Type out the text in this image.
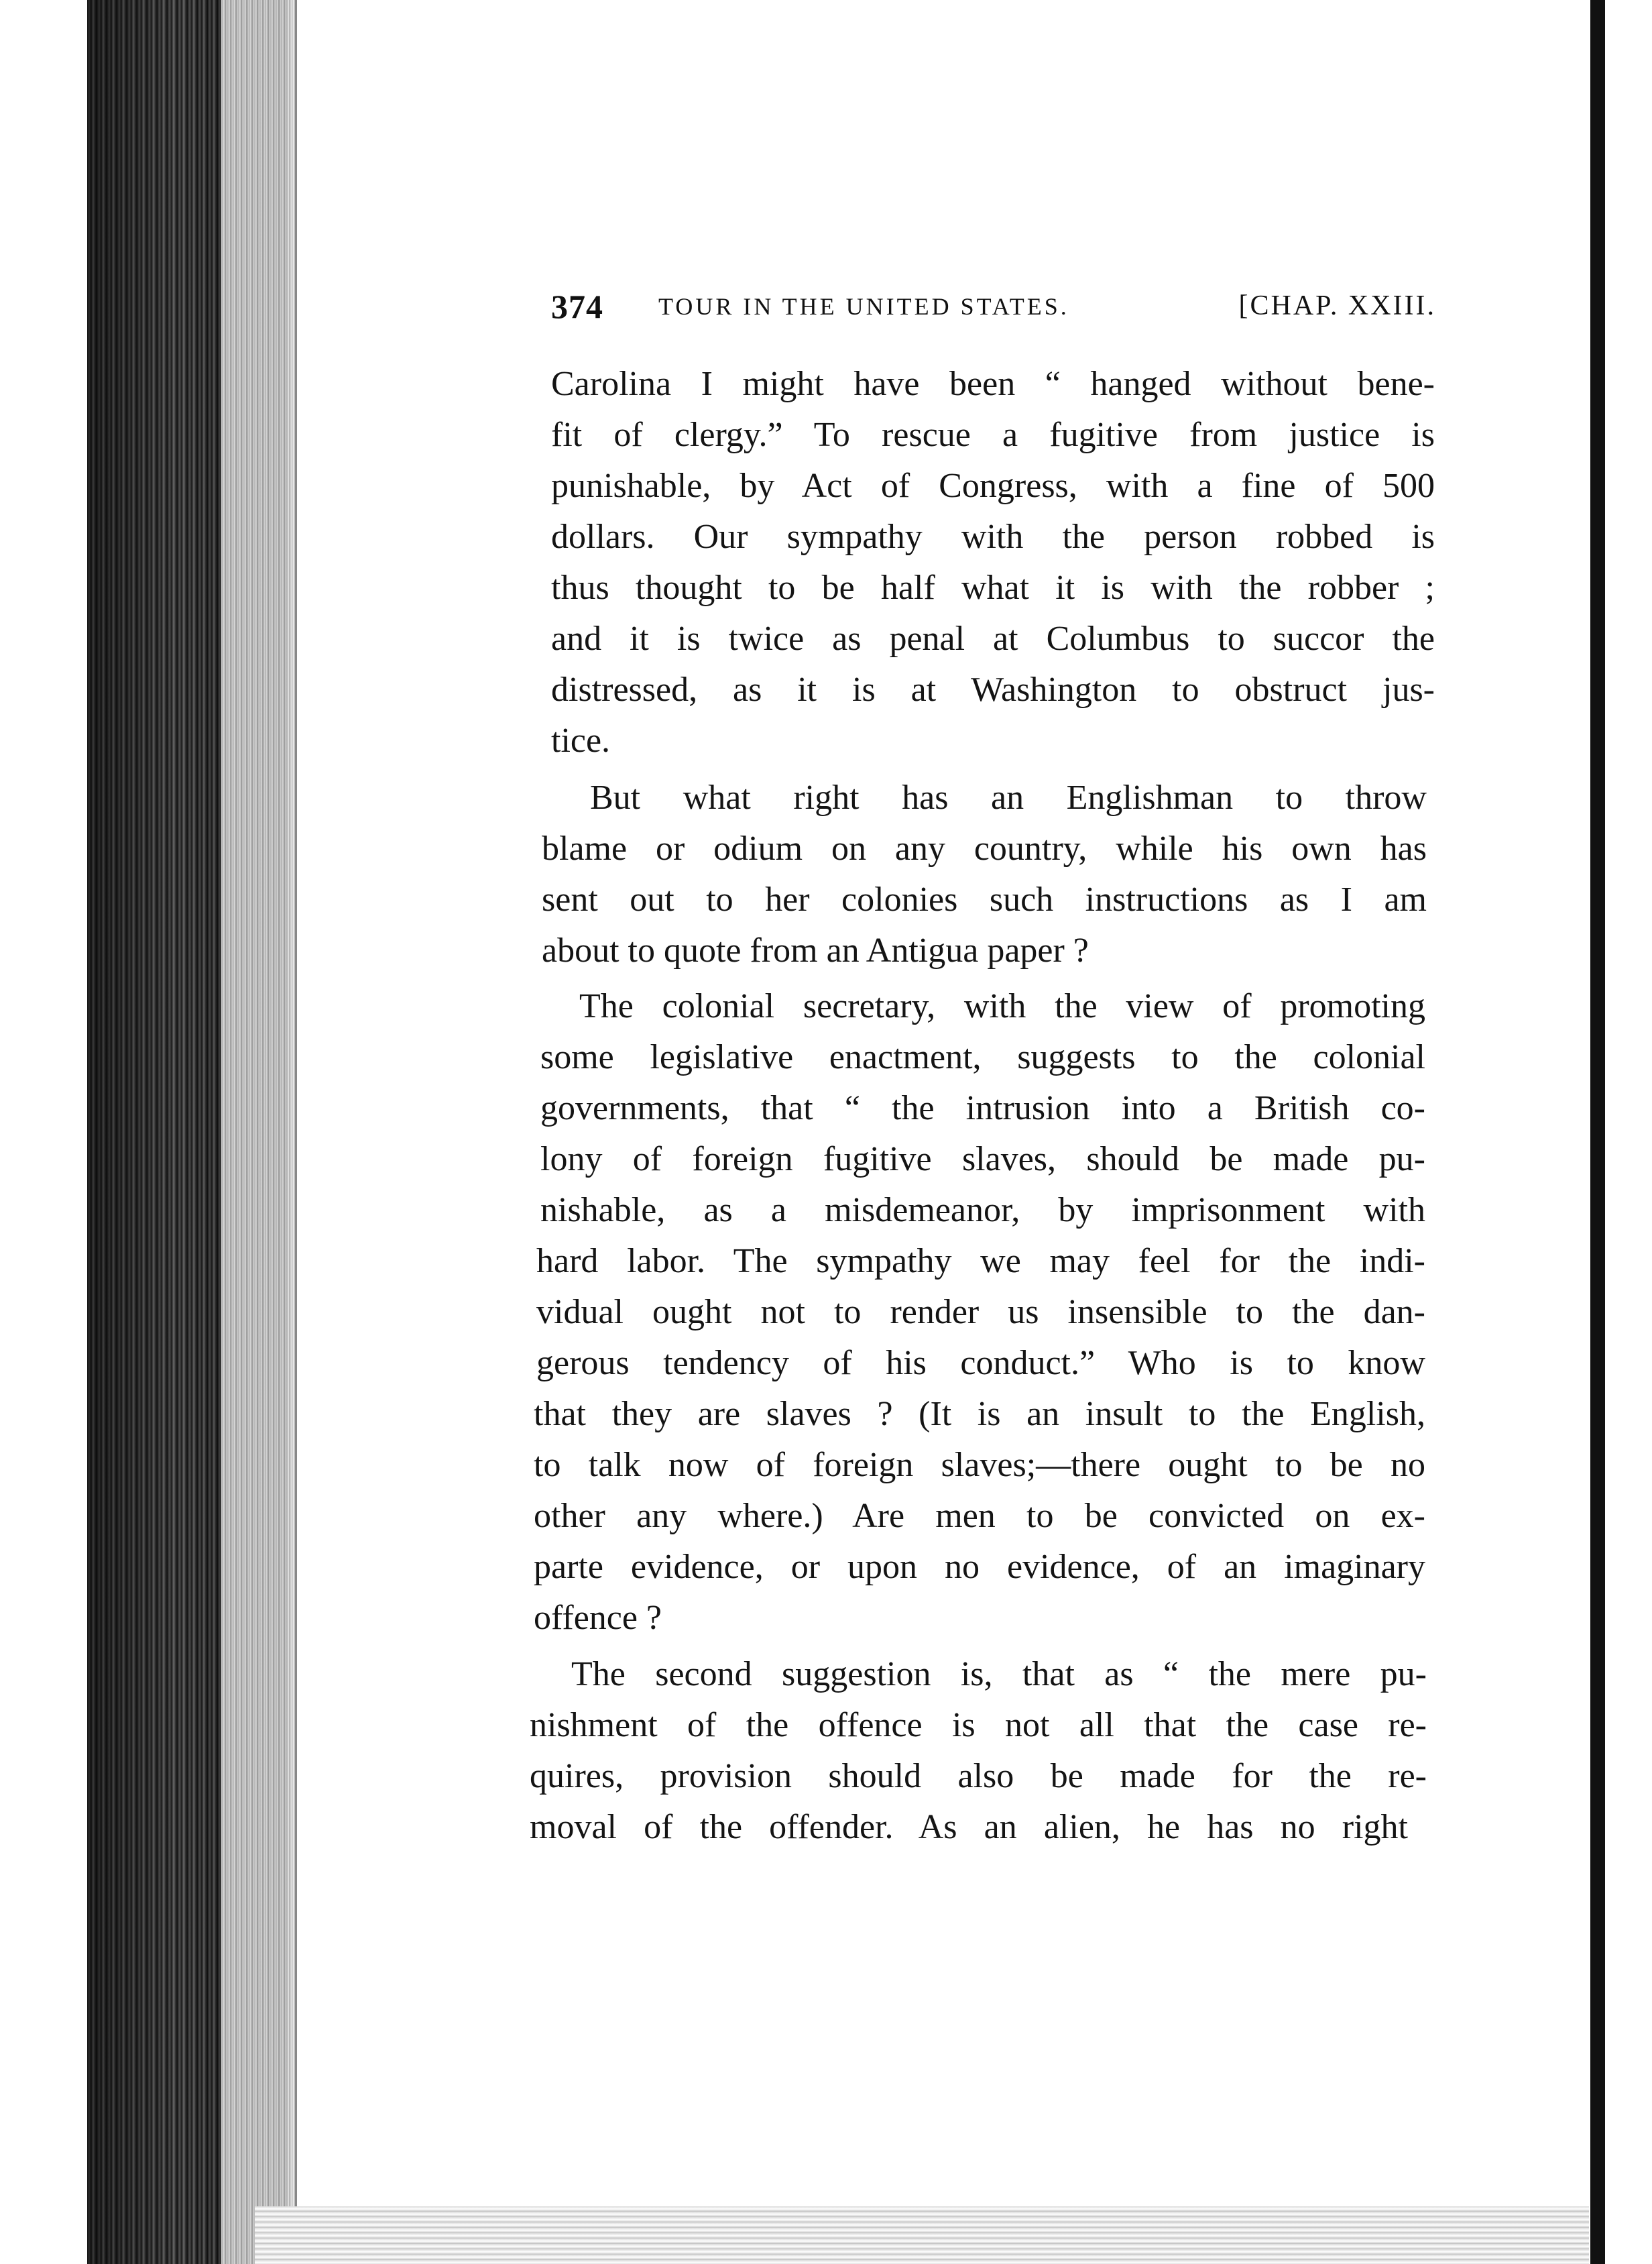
374 TOUR IN THE UNITED STATES.	[CHAP. XXIII.
Carolina I might have been “ hanged without bene-
fit of clergy.” To rescue a fugitive from justice is
punishable, by Act of Congress, with a fine of 500
dollars. Our sympathy with the person robbed is
thus thought to be half what it is with the robber ;
and it is twice as penal at Columbus to succor the
distressed, as it is at Washington to obstruct jus-
tice.
But what right has an Englishman to throw
blame or odium on any country, while his own has
sent out to her colonies such instructions as I am
about to quote from an Antigua paper ?
The colonial secretary, with the view of promoting
some legislative enactment, suggests to the colonial
governments, that “ the intrusion into a British co-
lony of foreign fugitive slaves, should be made pu-
nishable, as a misdemeanor, by imprisonment with
hard labor. The sympathy we may feel for the indi-
vidual ought not to render us insensible to the dan-
gerous tendency of his conduct.” Who is to know
that they are slaves ? (It is an insult to the English,
to talk now of foreign slaves;—there ought to be no
other any where.) Are men to be convicted on ex-
parte evidence, or upon no evidence, of an imaginary
offence ?
The second suggestion is, that as “ the mere pu-
nishment of the offence is not all that the case re-
quires, provision should also be made for the re-
moval of the offender. As an alien, he has no right
